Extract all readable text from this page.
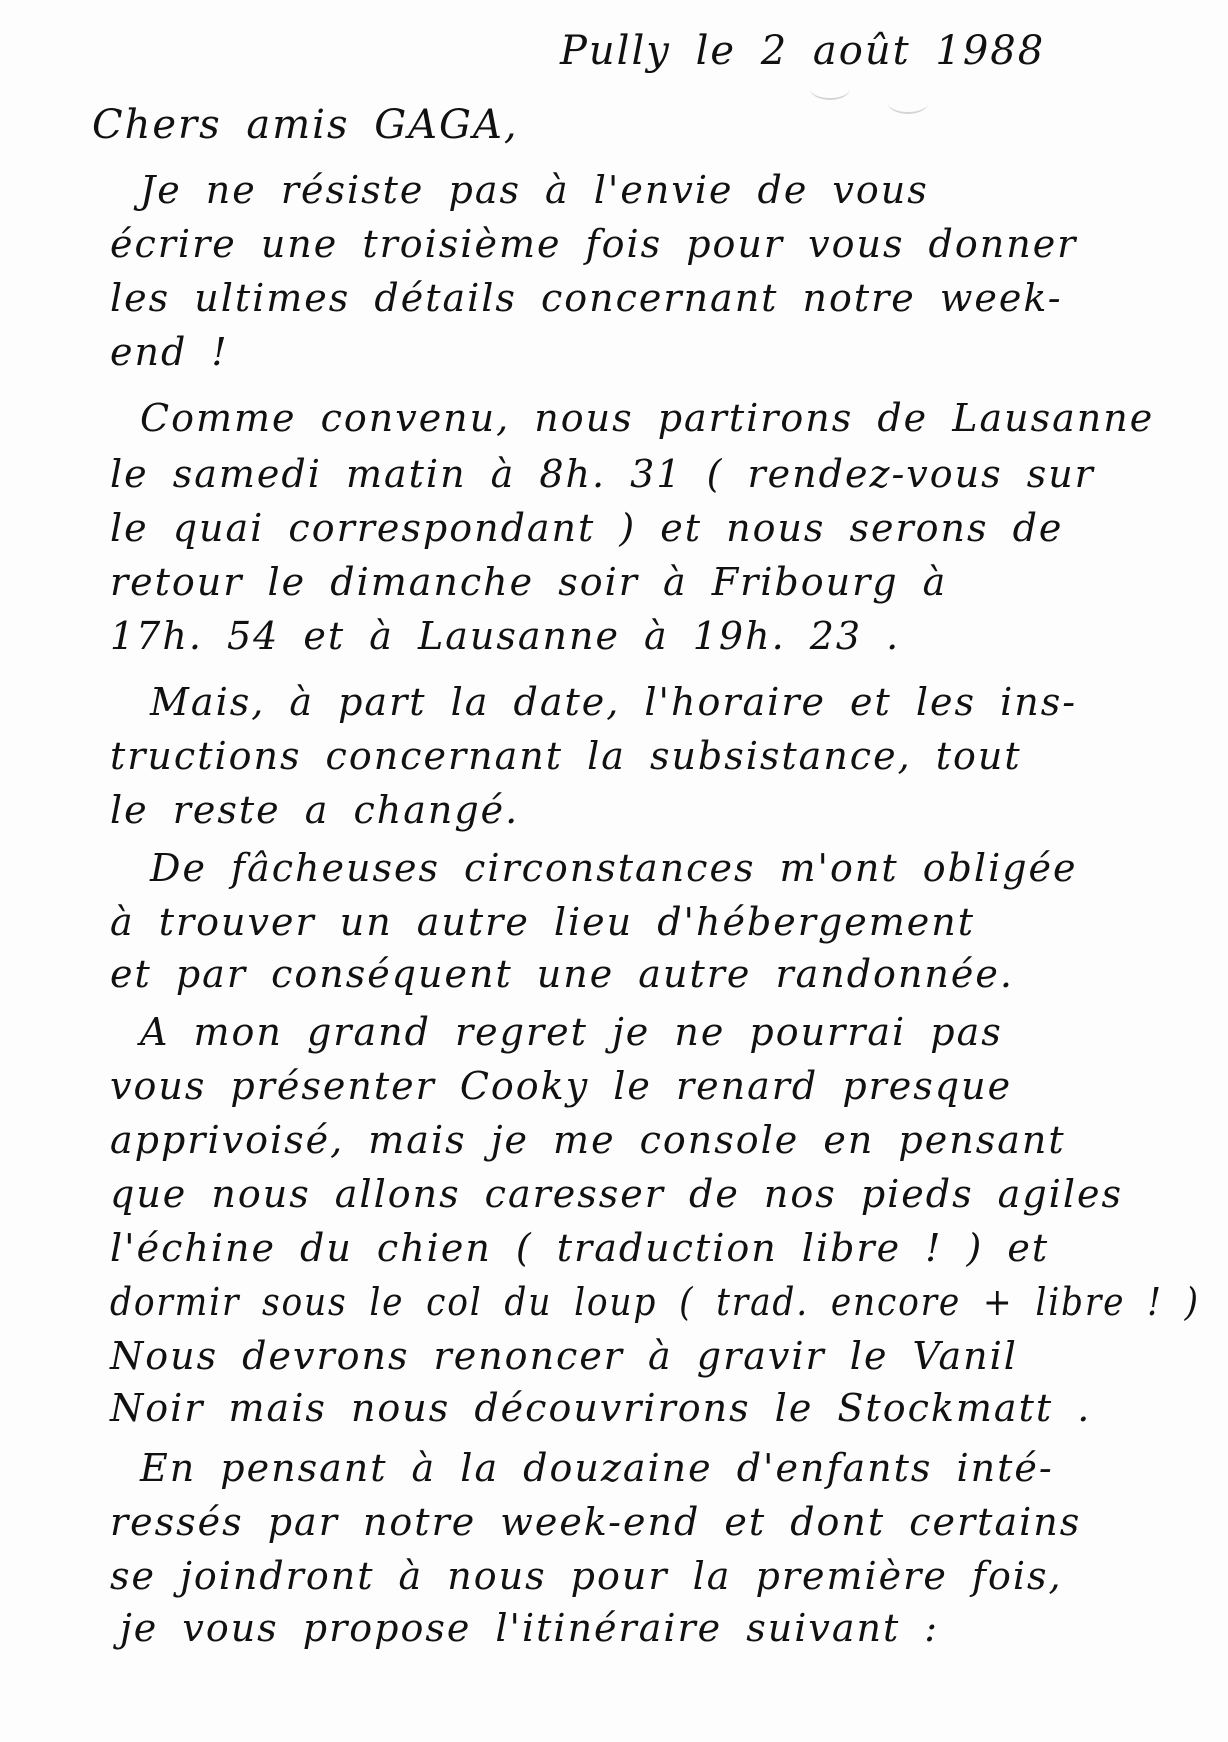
Pully le 2 août 1988

Chers amis GAGA,

Je ne résiste pas à l'envie de vous

écrire une troisième fois pour vous donner

les ultimes détails concernant notre week-

end !

Comme convenu, nous partirons de Lausanne

le samedi matin à 8h. 31 ( rendez-vous sur

le quai correspondant ) et nous serons de

retour le dimanche soir à Fribourg à

17h. 54 et à Lausanne à 19h. 23 .

Mais, à part la date, l'horaire et les ins-

tructions concernant la subsistance, tout

le reste a changé.

De fâcheuses circonstances m'ont obligée

à trouver un autre lieu d'hébergement

et par conséquent une autre randonnée.

A mon grand regret je ne pourrai pas

vous présenter Cooky le renard presque

apprivoisé, mais je me console en pensant

que nous allons caresser de nos pieds agiles

l'échine du chien ( traduction libre ! ) et

dormir sous le col du loup ( trad. encore + libre ! )

Nous devrons renoncer à gravir le Vanil

Noir mais nous découvrirons le Stockmatt .

En pensant à la douzaine d'enfants inté-

ressés par notre week-end et dont certains

se joindront à nous pour la première fois,

je vous propose l'itinéraire suivant :
